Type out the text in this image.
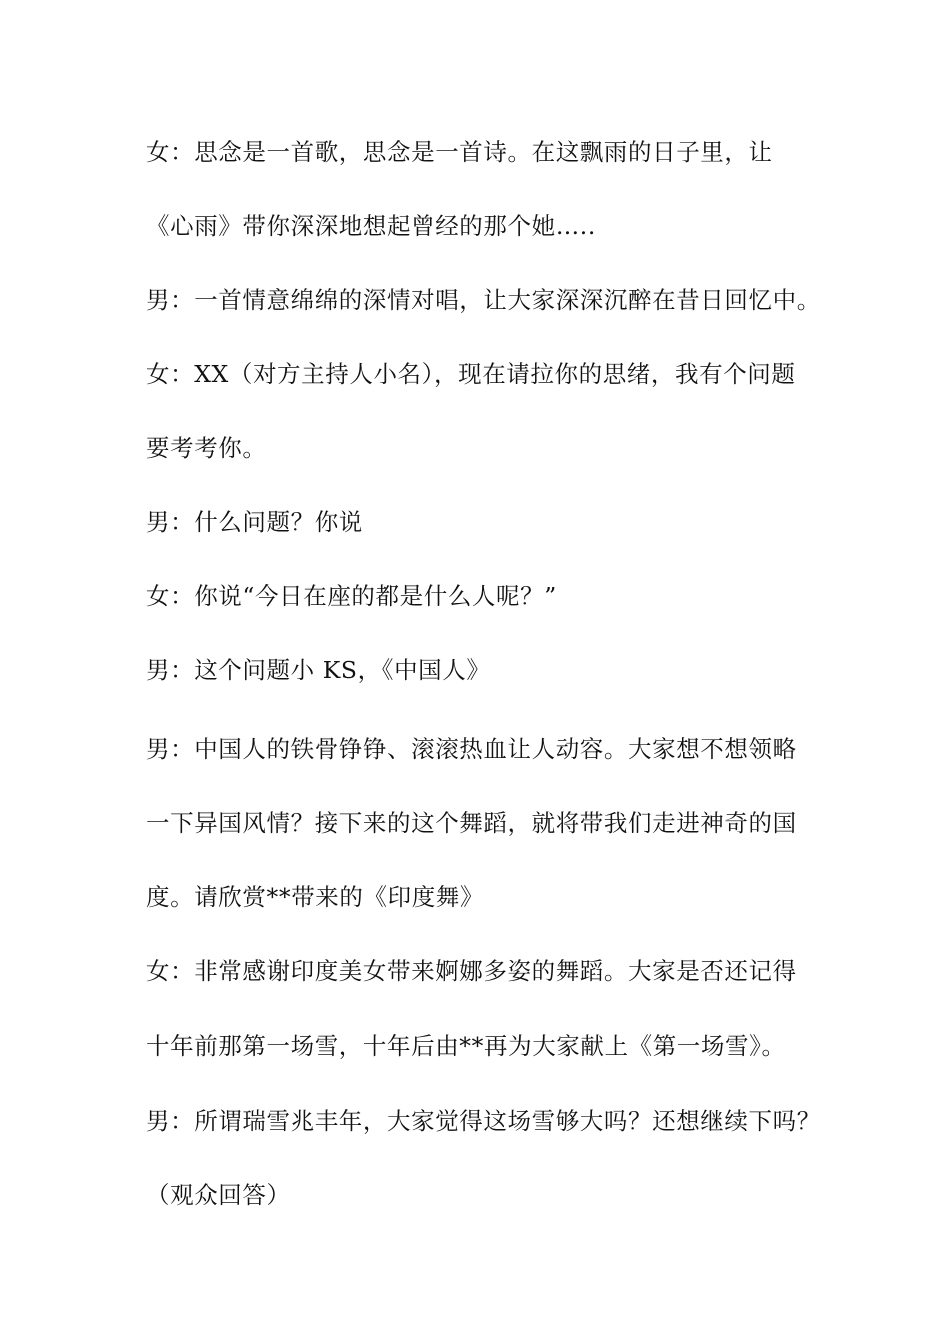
女：思念是一首歌，思念是一首诗。在这飘雨的日子里，让
《心雨》带你深深地想起曾经的那个她…..
男：一首情意绵绵的深情对唱，让大家深深沉醉在昔日回忆中。
女：XX（对方主持人小名），现在请拉你的思绪，我有个问题
要考考你。
男：什么问题？你说
女：你说“今日在座的都是什么人呢？”
男：这个问题小 KS，《中国人》
男：中国人的铁骨铮铮、滚滚热血让人动容。大家想不想领略
一下异国风情？接下来的这个舞蹈，就将带我们走进神奇的国
度。请欣赏**带来的《印度舞》
女：非常感谢印度美女带来婀娜多姿的舞蹈。大家是否还记得
十年前那第一场雪，十年后由**再为大家献上《第一场雪》。
男：所谓瑞雪兆丰年，大家觉得这场雪够大吗？还想继续下吗？
（观众回答）
